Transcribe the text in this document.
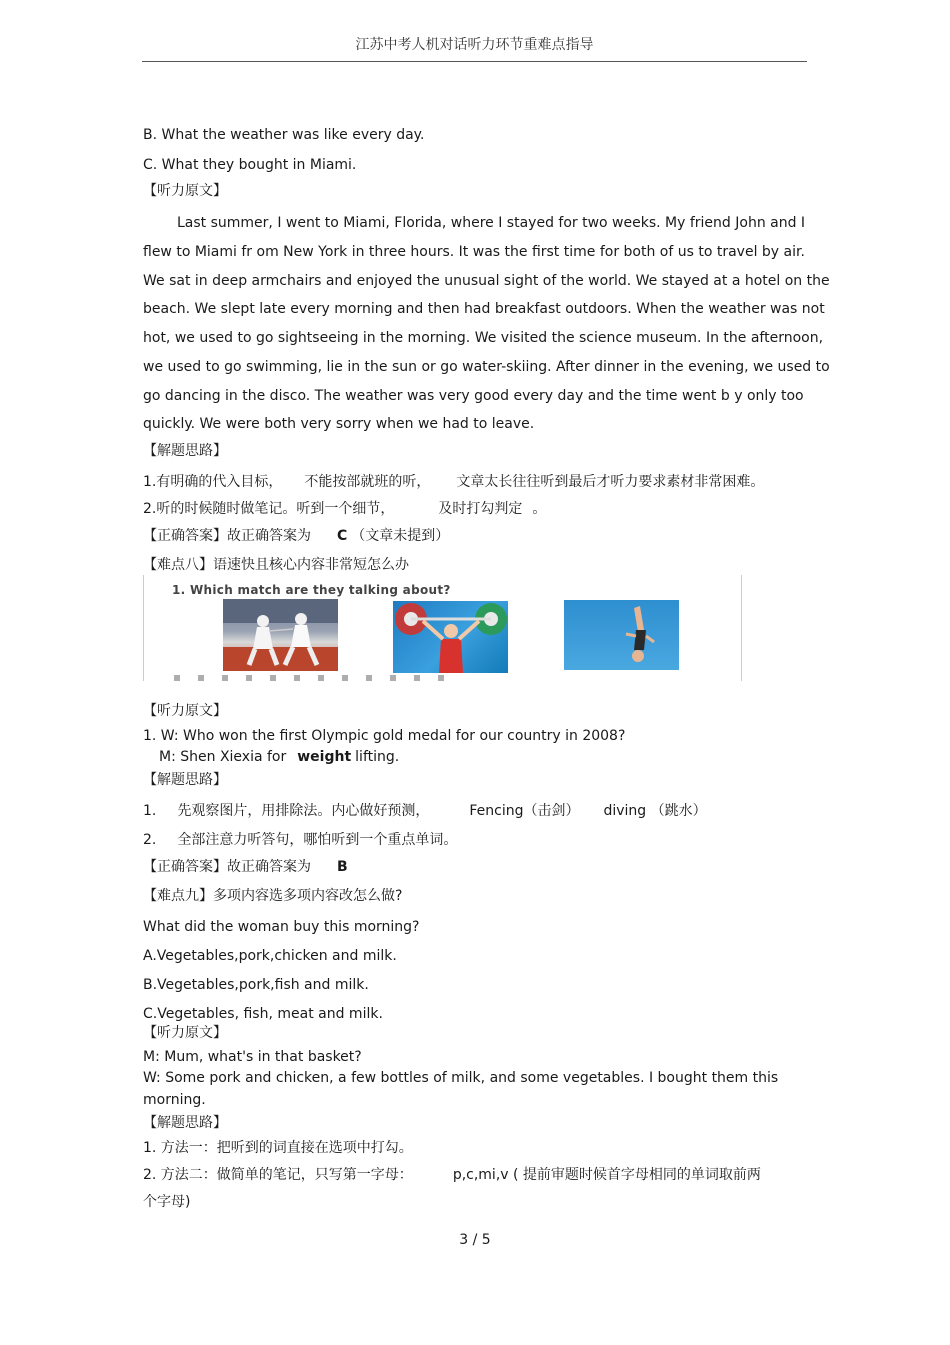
江苏中考人机对话听力环节重难点指导
B. What the weather was like every day.
C. What they bought in Miami.
【听力原文】
Last summer, I went to Miami, Florida, where I stayed for two weeks. My friend John and I
flew to Miami fr om New York in three hours. It was the first time for both of us to travel by air.
We sat in deep armchairs and enjoyed the unusual sight of the world. We stayed at a hotel on the
beach. We slept late every morning and then had breakfast outdoors. When the weather was not
hot, we used to go sightseeing in the morning. We visited the science museum. In the afternoon,
we used to go swimming, lie in the sun or go water-skiing. After dinner in the evening, we used to
go dancing in the disco. The weather was very good every day and the time went b y only too
quickly. We were both very sorry when we had to leave.
【解题思路】
1.有明确的代入目标， 不能按部就班的听， 文章太长往往听到最后才听力要求素材非常困难。
2.听的时候随时做笔记。听到一个细节，	及时打勾判定 。
【正确答案】故正确答案为 C （文章未提到）
【难点八】语速快且核心内容非常短怎么办
1. Which match are they talking about?
【听力原文】
1. W: Who won the first Olympic gold medal for our country in 2008?
M: Shen Xiexia for weight lifting.
【解题思路】
1. 先观察图片，用排除法。内心做好预测，	Fencing（击剑） diving （跳水）
2. 全部注意力听答句，哪怕听到一个重点单词。
【正确答案】故正确答案为 B
【难点九】多项内容选多项内容改怎么做?
What did the woman buy this morning?
A.Vegetables,pork,chicken and milk.
B.Vegetables,pork,fish and milk.
C.Vegetables, fish, meat and milk.
【听力原文】
M: Mum, what's in that basket?
W: Some pork and chicken, a few bottles of milk, and some vegetables. I bought them this
morning.
【解题思路】
1. 方法一：把听到的词直接在选项中打勾。
2. 方法二：做简单的笔记，只写第一字母：	p,c,mi,v ( 提前审题时候首字母相同的单词取前两
个字母)
3 / 5
